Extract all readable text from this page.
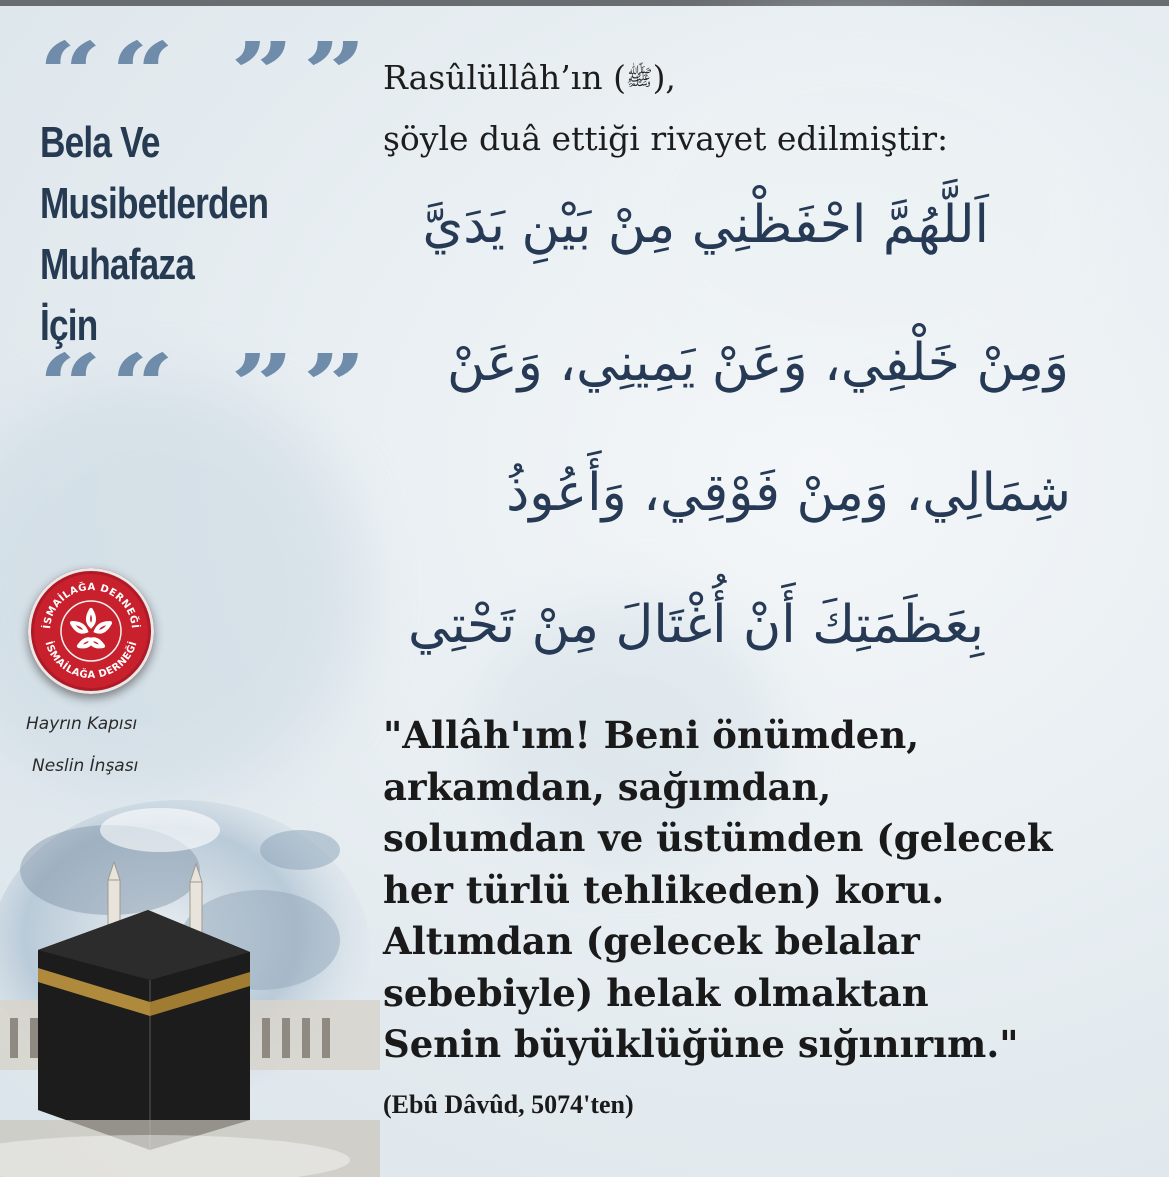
““ ””
Bela Ve
Musibetlerden
Muhafaza
İçin
““ ””
İSMAİLAĞA DERNEĞİ
İSMAİLAĞA DERNEĞİ
Hayrın Kapısı
Neslin İnşası
Rasûlüllâh’ın (ﷺ),
şöyle duâ ettiği rivayet edilmiştir:
اَللَّهُمَّ احْفَظْنِي مِنْ بَيْنِ يَدَيَّ
وَمِنْ خَلْفِي، وَعَنْ يَمِينِي، وَعَنْ
شِمَالِي، وَمِنْ فَوْقِي، وَأَعُوذُ
بِعَظَمَتِكَ أَنْ أُغْتَالَ مِنْ تَحْتِي
"Allâh'ım! Beni önümden,
arkamdan, sağımdan,
solumdan ve üstümden (gelecek
her türlü tehlikeden) koru.
Altımdan (gelecek belalar
sebebiyle) helak olmaktan
Senin büyüklüğüne sığınırım."
(Ebû Dâvûd, 5074'ten)
